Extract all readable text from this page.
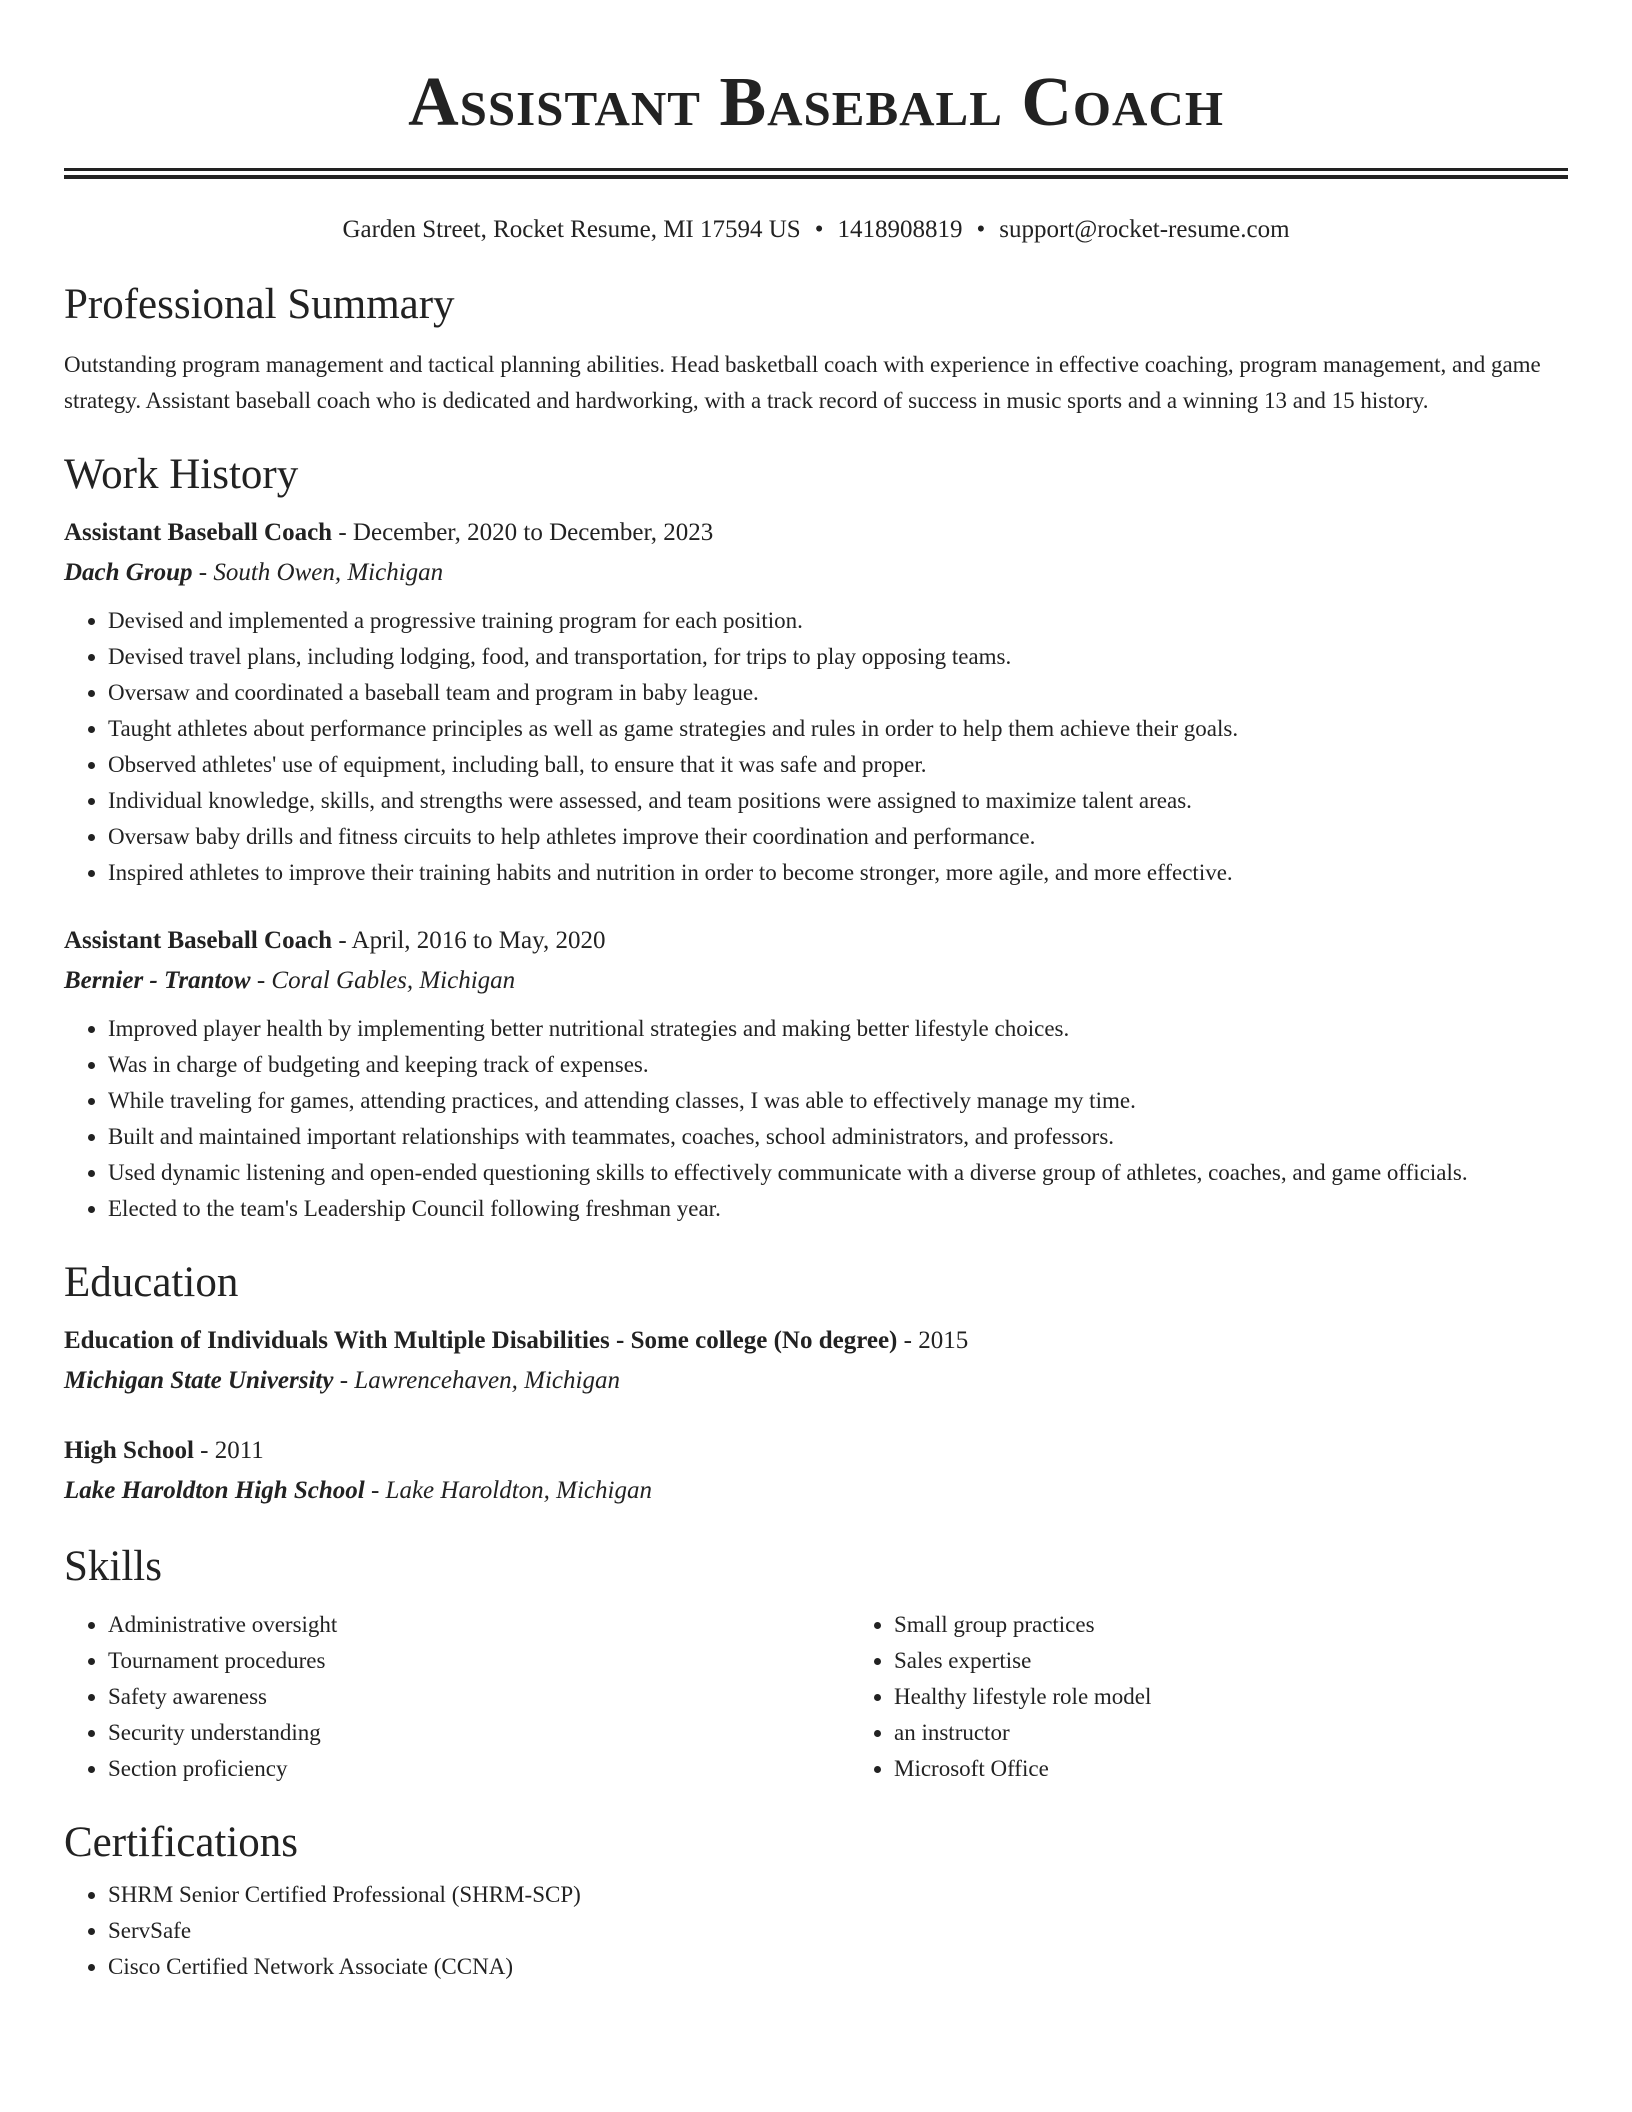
Assistant Baseball Coach
Garden Street, Rocket Resume, MI 17594 US • 1418908819 • support@rocket-resume.com
Professional Summary
Outstanding program management and tactical planning abilities. Head basketball coach with experience in effective coaching, program management, and game strategy. Assistant baseball coach who is dedicated and hardworking, with a track record of success in music sports and a winning 13 and 15 history.
Work History
Assistant Baseball Coach - December, 2020 to December, 2023
Dach Group - South Owen, Michigan
• Devised and implemented a progressive training program for each position.
• Devised travel plans, including lodging, food, and transportation, for trips to play opposing teams.
• Oversaw and coordinated a baseball team and program in baby league.
• Taught athletes about performance principles as well as game strategies and rules in order to help them achieve their goals.
• Observed athletes' use of equipment, including ball, to ensure that it was safe and proper.
• Individual knowledge, skills, and strengths were assessed, and team positions were assigned to maximize talent areas.
• Oversaw baby drills and fitness circuits to help athletes improve their coordination and performance.
• Inspired athletes to improve their training habits and nutrition in order to become stronger, more agile, and more effective.
Assistant Baseball Coach - April, 2016 to May, 2020
Bernier - Trantow - Coral Gables, Michigan
• Improved player health by implementing better nutritional strategies and making better lifestyle choices.
• Was in charge of budgeting and keeping track of expenses.
• While traveling for games, attending practices, and attending classes, I was able to effectively manage my time.
• Built and maintained important relationships with teammates, coaches, school administrators, and professors.
• Used dynamic listening and open-ended questioning skills to effectively communicate with a diverse group of athletes, coaches, and game officials.
• Elected to the team's Leadership Council following freshman year.
Education
Education of Individuals With Multiple Disabilities - Some college (No degree) - 2015
Michigan State University - Lawrencehaven, Michigan
High School - 2011
Lake Haroldton High School - Lake Haroldton, Michigan
Skills
• Administrative oversight
• Tournament procedures
• Safety awareness
• Security understanding
• Section proficiency
• Small group practices
• Sales expertise
• Healthy lifestyle role model
• an instructor
• Microsoft Office
Certifications
• SHRM Senior Certified Professional (SHRM-SCP)
• ServSafe
• Cisco Certified Network Associate (CCNA)
